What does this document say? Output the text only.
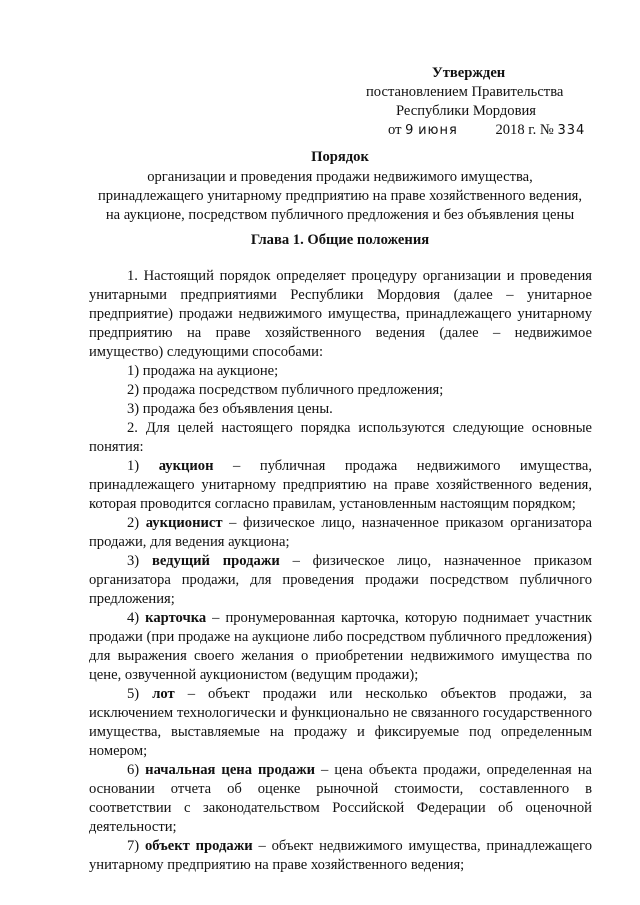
Утвержден
постановлением Правительства
Республики Мордовия
от 9 июня	2018 г. № 334
Порядок
организации и проведения продажи недвижимого имущества,
принадлежащего унитарному предприятию на праве хозяйственного ведения,
на аукционе, посредством публичного предложения и без объявления цены
Глава 1. Общие положения

1. Настоящий порядок определяет процедуру организации и проведения унитарными предприятиями Республики Мордовия (далее – унитарное предприятие) продажи недвижимого имущества, принадлежащего унитарному предприятию на праве хозяйственного ведения (далее – недвижимое имущество) следующими способами:

1) продажа на аукционе;

2) продажа посредством публичного предложения;

3) продажа без объявления цены.

2. Для целей настоящего порядка используются следующие основные понятия:

1) аукцион – публичная продажа недвижимого имущества, принадлежащего унитарному предприятию на праве хозяйственного ведения, которая проводится согласно правилам, установленным настоящим порядком;

2) аукционист – физическое лицо, назначенное приказом организатора продажи, для ведения аукциона;

3) ведущий продажи – физическое лицо, назначенное приказом организатора продажи, для проведения продажи посредством публичного предложения;

4) карточка – пронумерованная карточка, которую поднимает участник продажи (при продаже на аукционе либо посредством публичного предложения) для выражения своего желания о приобретении недвижимого имущества по цене, озвученной аукционистом (ведущим продажи);

5) лот – объект продажи или несколько объектов продажи, за исключением технологически и функционально не связанного государственного имущества, выставляемые на продажу и фиксируемые под определенным номером;

6) начальная цена продажи – цена объекта продажи, определенная на основании отчета об оценке рыночной стоимости, составленного в соответствии с законодательством Российской Федерации об оценочной деятельности;

7) объект продажи – объект недвижимого имущества, принадлежащего унитарному предприятию на праве хозяйственного ведения;
